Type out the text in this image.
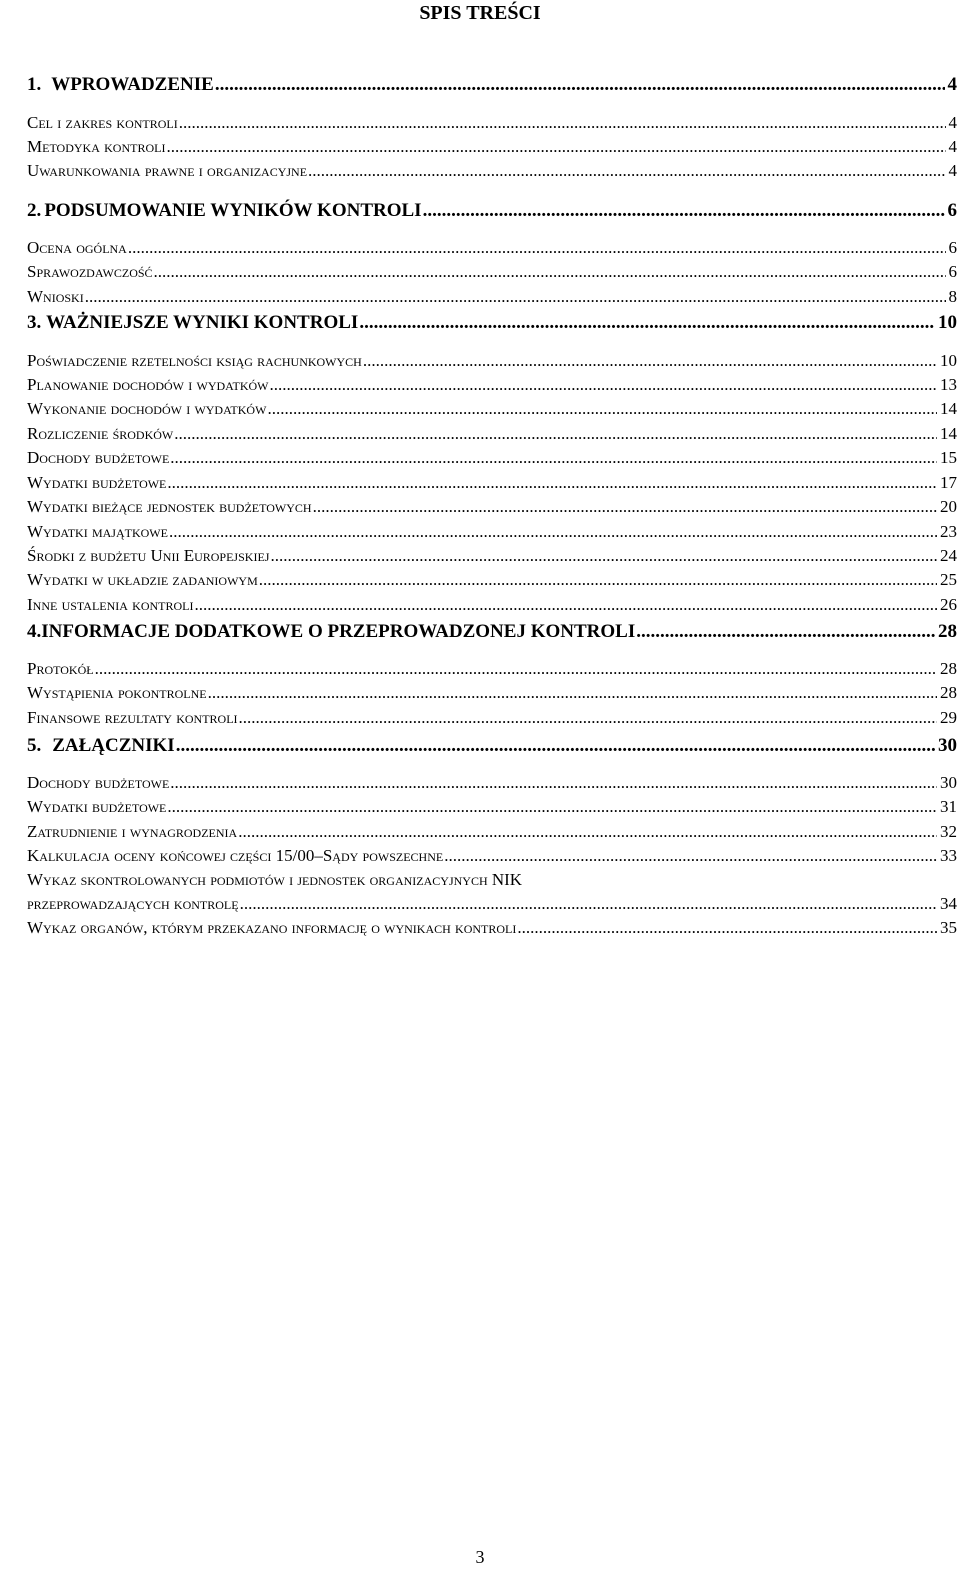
SPIS TREŚCI
1. WPROWADZENIE .....	4
Cel i zakres kontroli .....	4
Metodyka kontroli .....	4
Uwarunkowania prawne i organizacyjne .....	4
2. PODSUMOWANIE WYNIKÓW KONTROLI .....	6
Ocena ogólna .....	6
Sprawozdawczość .....	6
Wnioski .....	8
3. WAŻNIEJSZE WYNIKI KONTROLI .....	10
Poświadczenie rzetelności ksiąg rachunkowych .....	10
Planowanie dochodów i wydatków .....	13
Wykonanie dochodów i wydatków .....	14
Rozliczenie środków .....	14
Dochody budżetowe .....	15
Wydatki budżetowe .....	17
Wydatki bieżące jednostek budżetowych .....	20
Wydatki majątkowe .....	23
Środki z budżetu Unii Europejskiej .....	24
Wydatki w układzie zadaniowym .....	25
Inne ustalenia kontroli .....	26
4. INFORMACJE DODATKOWE O PRZEPROWADZONEJ KONTROLI .....	28
Protokół .....	28
Wystąpienia pokontrolne .....	28
Finansowe rezultaty kontroli .....	29
5. ZAŁĄCZNIKI .....	30
Dochody budżetowe .....	30
Wydatki budżetowe .....	31
Zatrudnienie i wynagrodzenia .....	32
Kalkulacja oceny końcowej części 15/00–Sądy powszechne .....	33
Wykaz skontrolowanych podmiotów i jednostek organizacyjnych NIK
przeprowadzających kontrolę .....	34
Wykaz organów, którym przekazano informację o wynikach kontroli .....	35
3
